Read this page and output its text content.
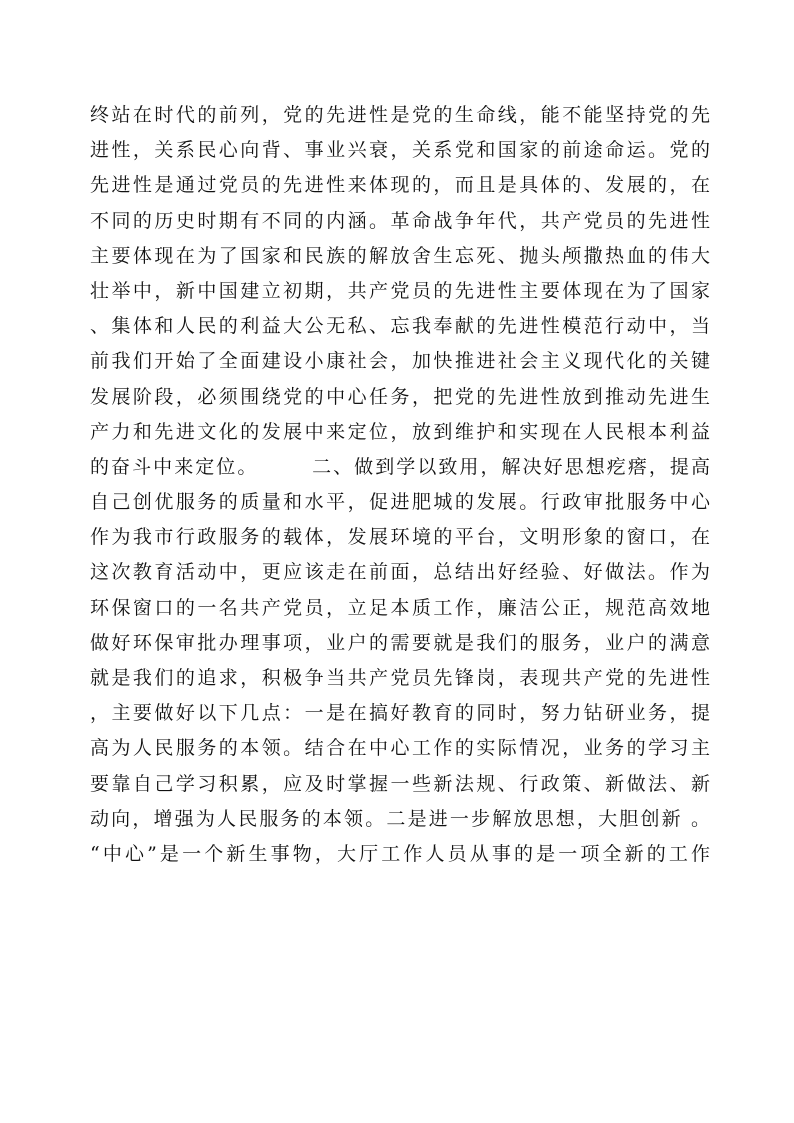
终站在时代的前列，党的先进性是党的生命线，能不能坚持党的先
进性，关系民心向背、事业兴衰，关系党和国家的前途命运。党的
先进性是通过党员的先进性来体现的，而且是具体的、发展的，在
不同的历史时期有不同的内涵。革命战争年代，共产党员的先进性
主要体现在为了国家和民族的解放舍生忘死、抛头颅撒热血的伟大
壮举中，新中国建立初期，共产党员的先进性主要体现在为了国家
、集体和人民的利益大公无私、忘我奉献的先进性模范行动中，当
前我们开始了全面建设小康社会，加快推进社会主义现代化的关键
发展阶段，必须围绕党的中心任务，把党的先进性放到推动先进生
产力和先进文化的发展中来定位，放到维护和实现在人民根本利益
的奋斗中来定位。　　　二、做到学以致用，解决好思想疙瘩，提高
自己创优服务的质量和水平，促进肥城的发展。行政审批服务中心
作为我市行政服务的载体，发展环境的平台，文明形象的窗口，在
这次教育活动中，更应该走在前面，总结出好经验、好做法。作为
环保窗口的一名共产党员，立足本质工作，廉洁公正，规范高效地
做好环保审批办理事项，业户的需要就是我们的服务，业户的满意
就是我们的追求，积极争当共产党员先锋岗，表现共产党的先进性
，主要做好以下几点：一是在搞好教育的同时，努力钻研业务，提
高为人民服务的本领。结合在中心工作的实际情况，业务的学习主
要靠自己学习积累，应及时掌握一些新法规、行政策、新做法、新
动向，增强为人民服务的本领。二是进一步解放思想，大胆创新 。
“中心”是一个新生事物，大厅工作人员从事的是一项全新的工作
